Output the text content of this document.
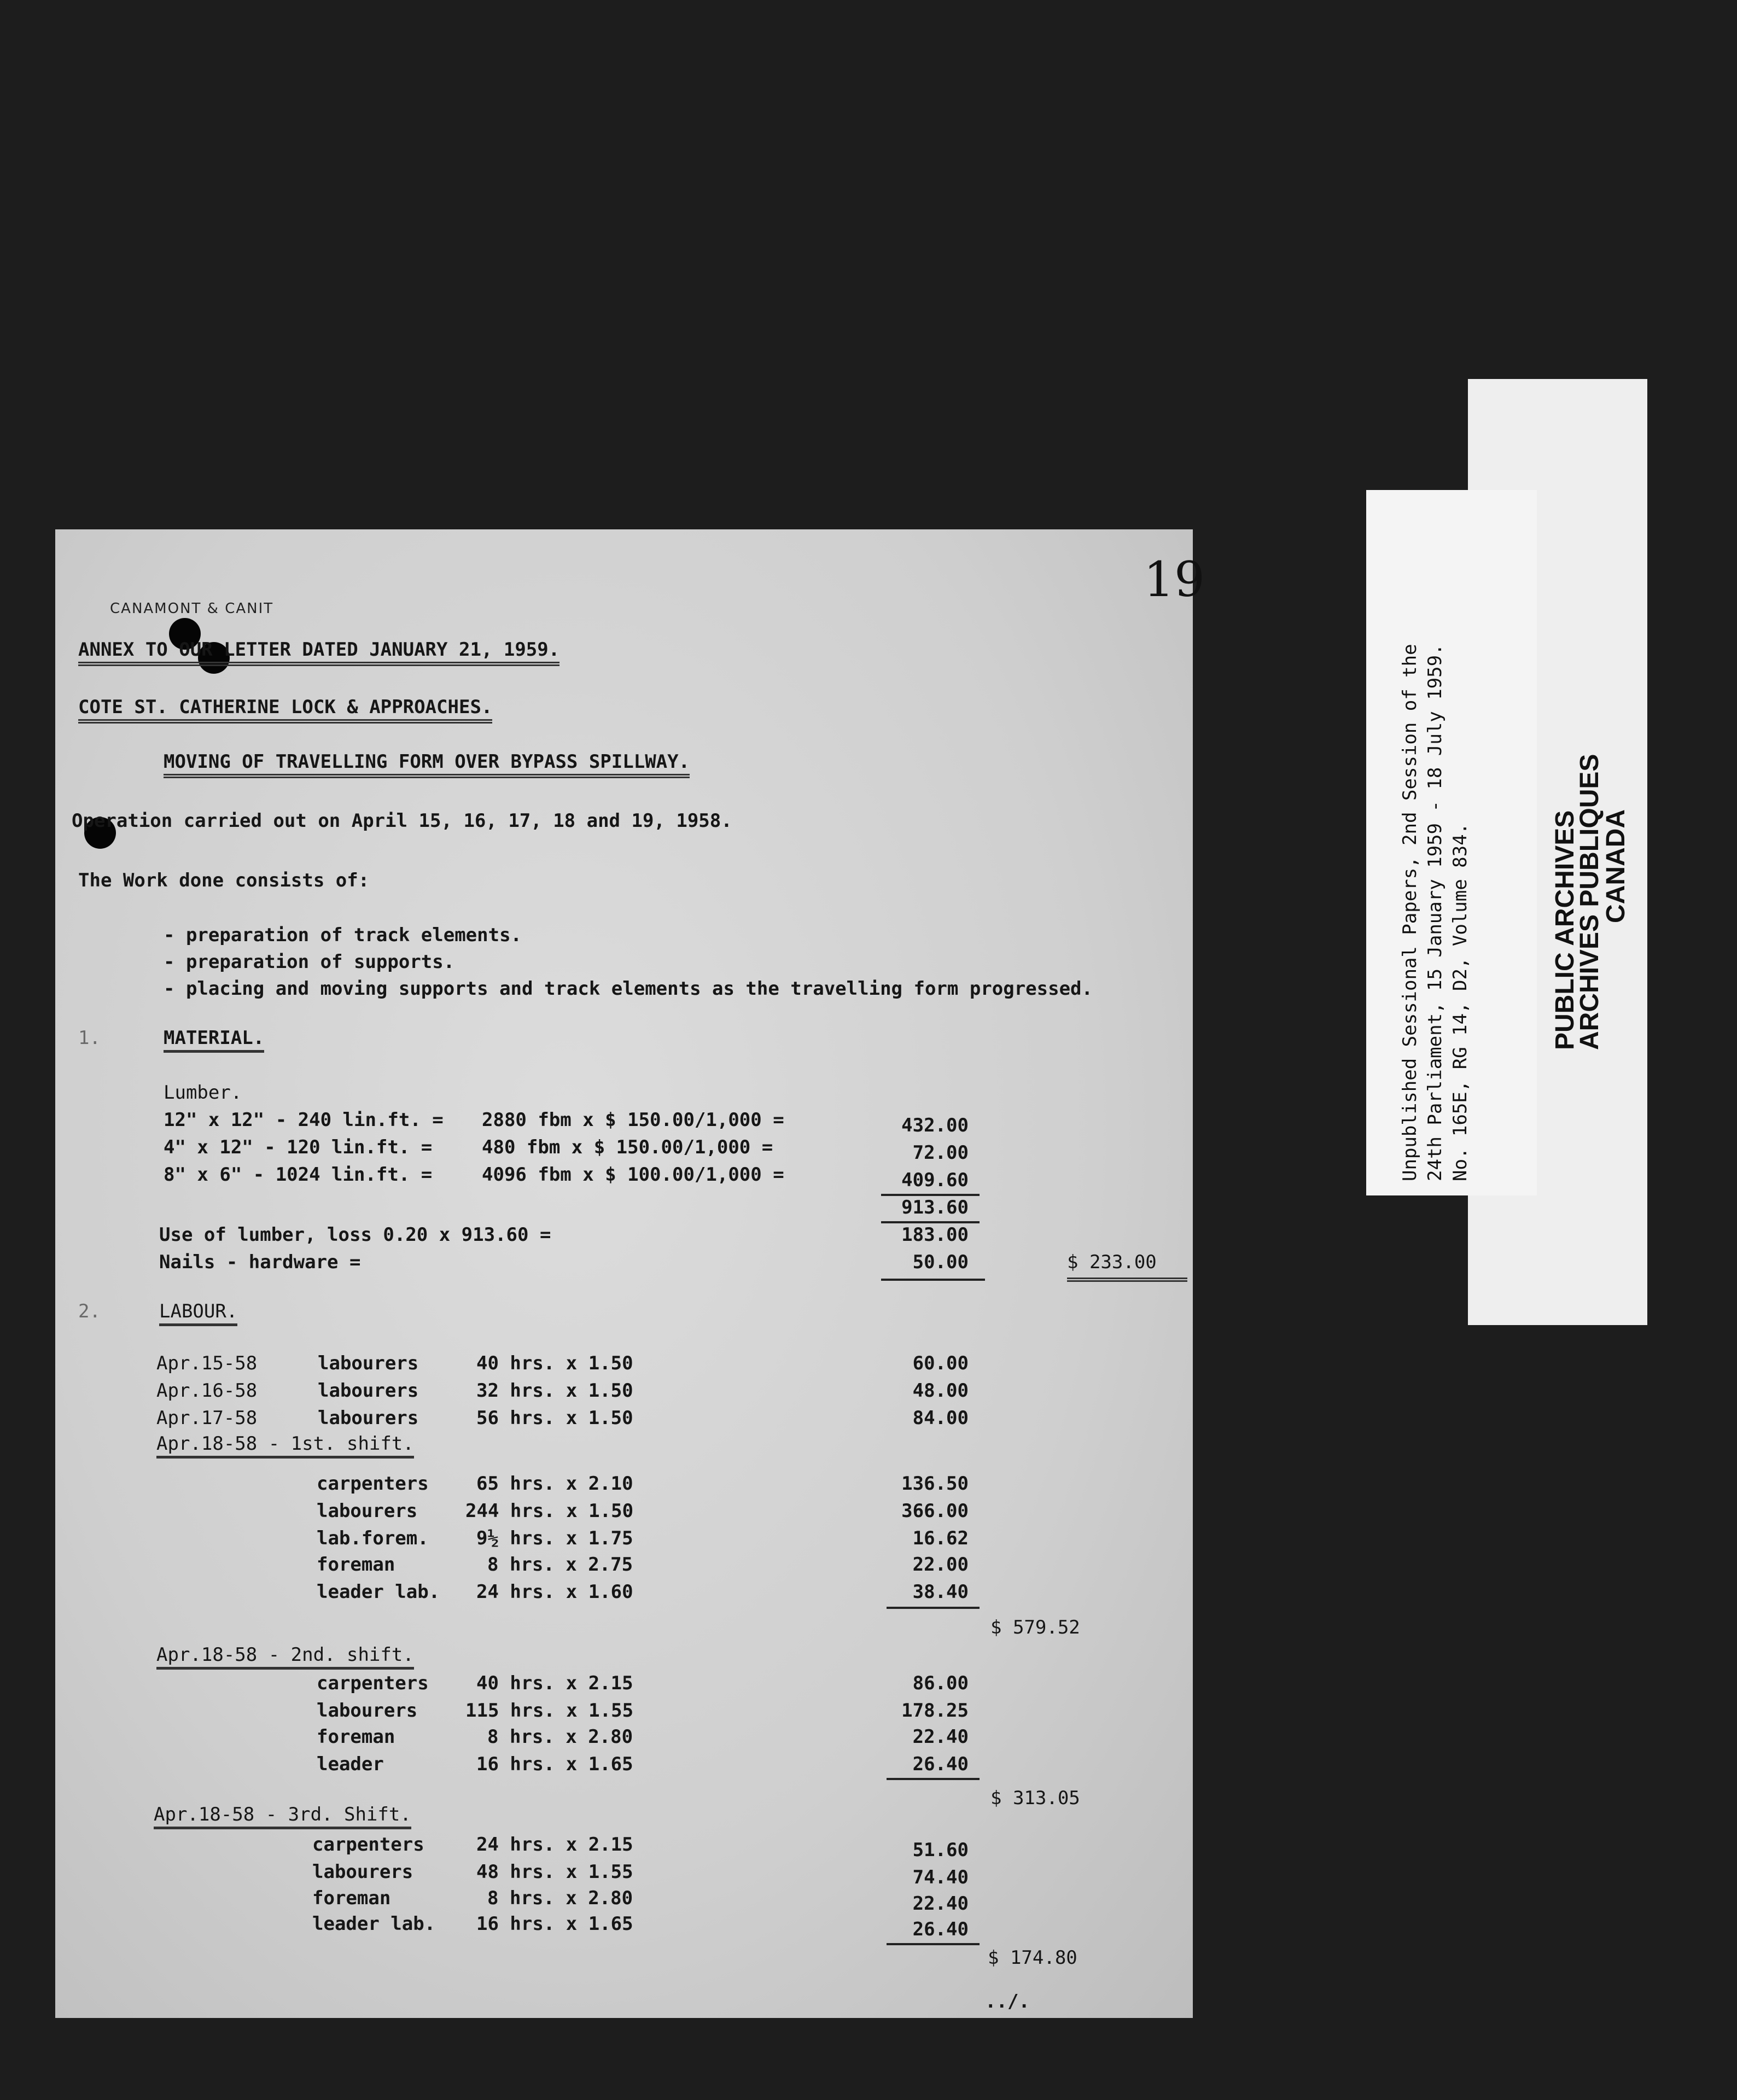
CANAMONT & CANIT
19
ANNEX TO OUR LETTER DATED JANUARY 21, 1959.
COTE ST. CATHERINE LOCK & APPROACHES.
MOVING OF TRAVELLING FORM OVER BYPASS SPILLWAY.
Operation carried out on April 15, 16, 17, 18 and 19, 1958.
The Work done consists of:
- preparation of track elements.
- preparation of supports.
- placing and moving supports and track elements as the travelling form progressed.
1.	MATERIAL.
Lumber.
12" x 12" - 240 lin.ft. = 2880 fbm x $ 150.00/1,000 =	432.00
4" x 12" - 120 lin.ft. =	480 fbm x $ 150.00/1,000 =	72.00
8" x 6" - 1024 lin.ft. =	4096 fbm x $ 100.00/1,000 =	409.60
913.60
Use of lumber, loss 0.20 x 913.60 =	183.00
Nails - hardware =	50.00	$ 233.00
2.	LABOUR.
Apr.15-58	labourers	40 hrs. x 1.50	60.00
Apr.16-58	labourers	32 hrs. x 1.50	48.00
Apr.17-58	labourers	56 hrs. x 1.50	84.00
Apr.18-58 - 1st. shift.
carpenters	65 hrs. x 2.10	136.50
labourers	244 hrs. x 1.50	366.00
lab.forem.	9½ hrs. x 1.75	16.62
foreman	8 hrs. x 2.75	22.00
leader lab. 24 hrs. x 1.60	38.40
$ 579.52
Apr.18-58 - 2nd. shift.
carpenters	40 hrs. x 2.15	86.00
labourers	115 hrs. x 1.55	178.25
foreman	8 hrs. x 2.80	22.40
leader	16 hrs. x 1.65	26.40
$ 313.05
Apr.18-58 - 3rd. Shift.
carpenters	24 hrs. x 2.15	51.60
labourers	48 hrs. x 1.55	74.40
foreman	8 hrs. x 2.80	22.40
leader lab. 16 hrs. x 1.65	26.40
$ 174.80
../.
PUBLIC ARCHIVES
ARCHIVES PUBLIQUES
CANADA
Unpublished Sessional Papers, 2nd Session of the 24th Parliament, 15 January 1959 - 18 July 1959. No. 165E, RG 14, D2, Volume 834.
